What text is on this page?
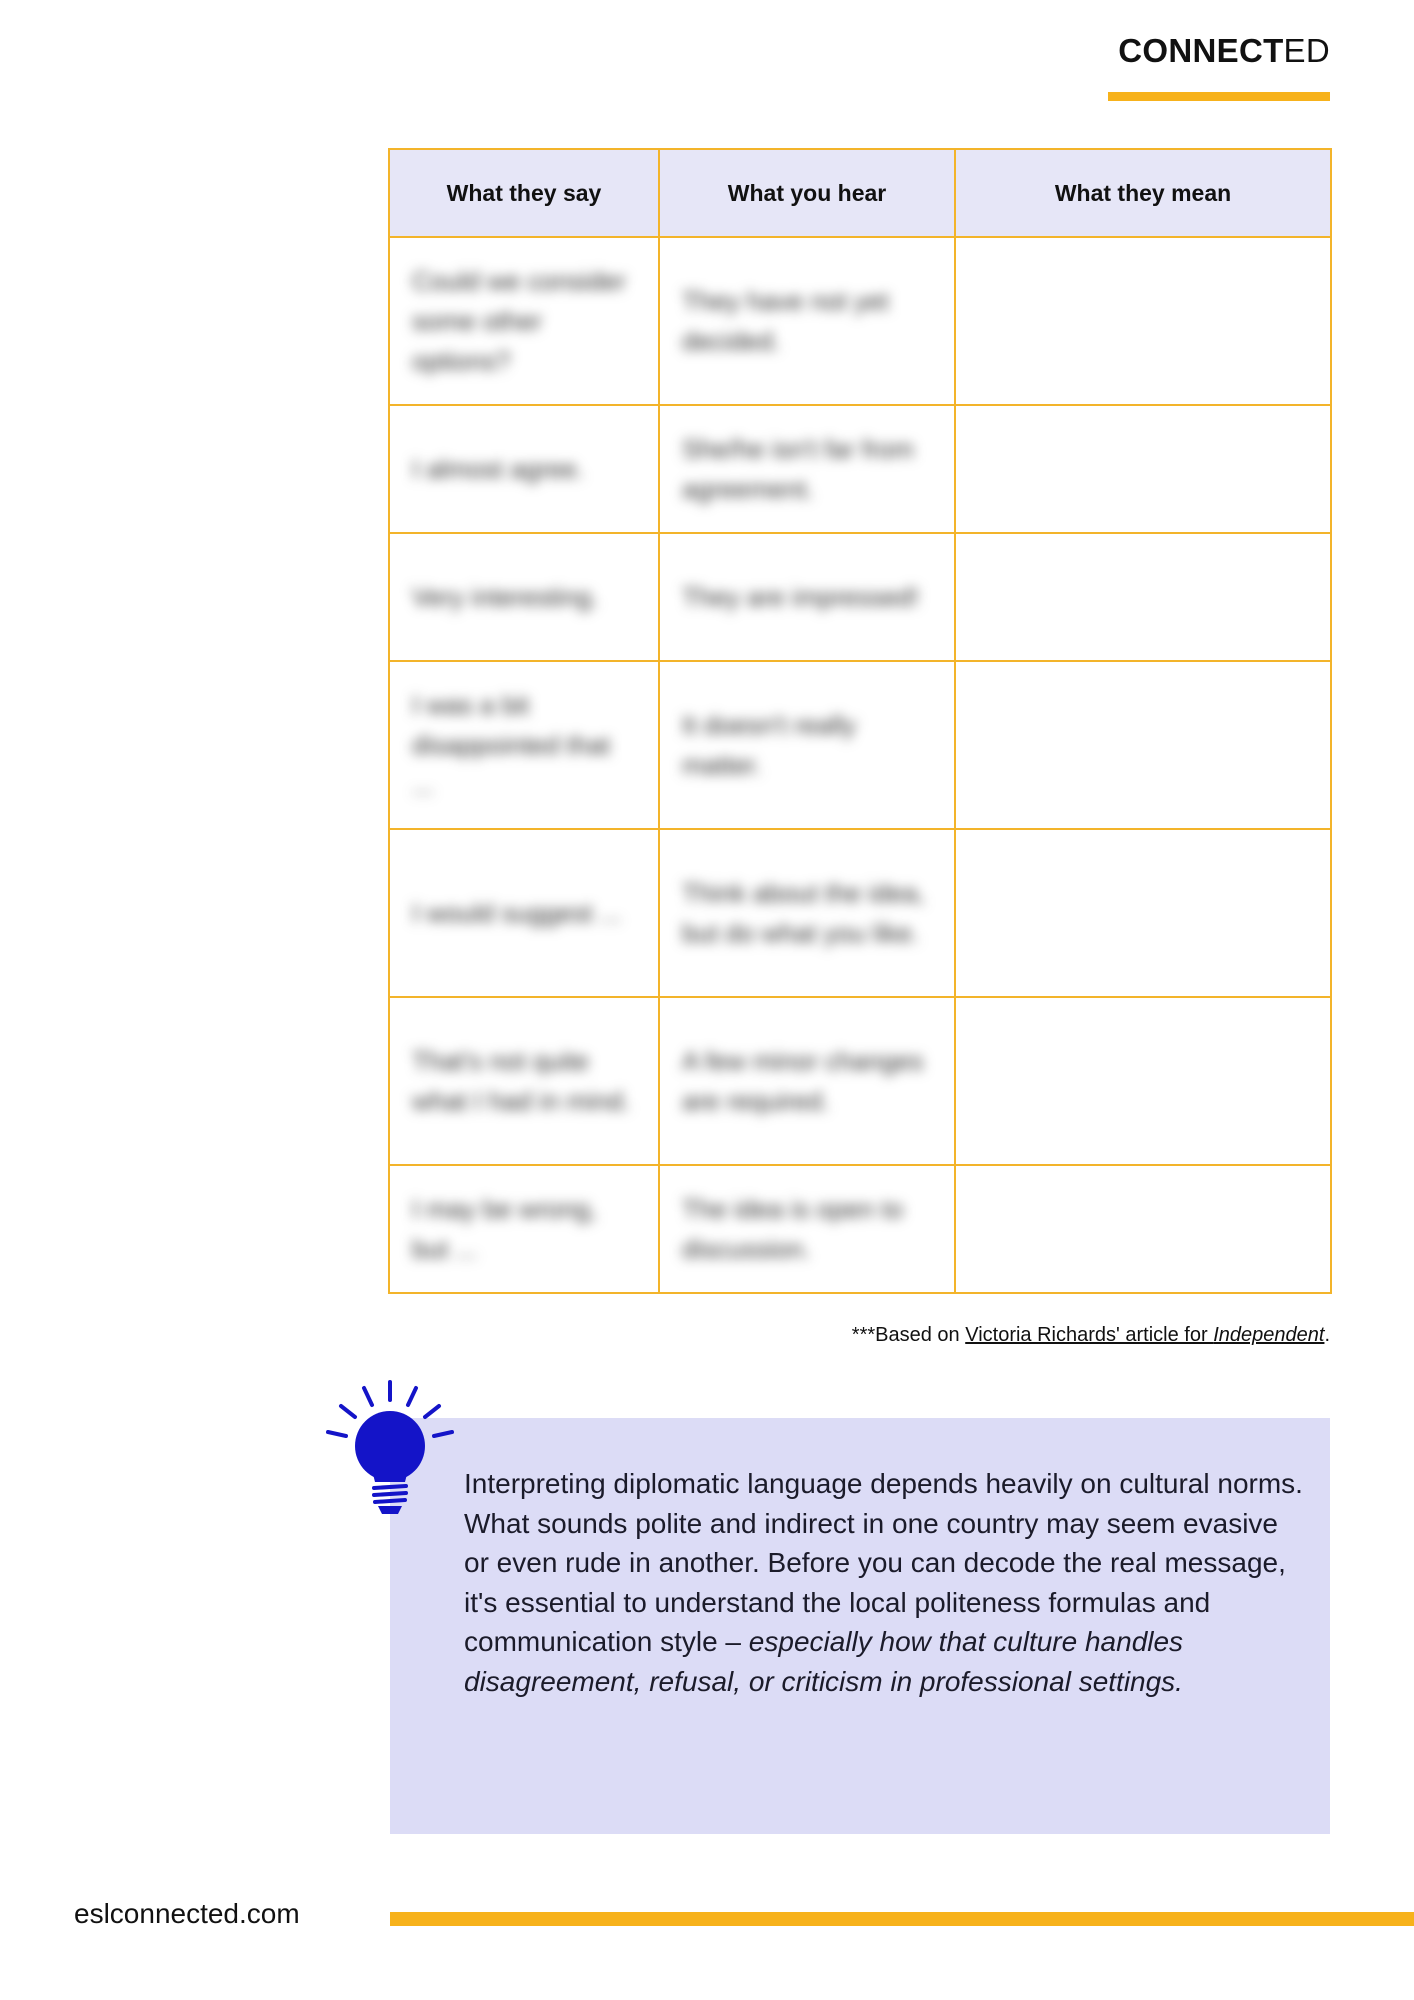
CONNECTED
What they say	What you hear	What they mean

Could we consider some other options?	They have not yet decided.	

I almost agree.	She/he isn't far from agreement.	

Very interesting.	They are impressed!	

I was a bit disappointed that ...	It doesn't really matter.	

I would suggest ...	Think about the idea, but do what you like.	

That's not quite what I had in mind.	A few minor changes are required.	

I may be wrong, but ...	The idea is open to discussion.	

***Based on Victoria Richards' article for Independent.
Interpreting diplomatic language depends heavily on cultural norms. What sounds polite and indirect in one country may seem evasive or even rude in another. Before you can decode the real message, it's essential to understand the local politeness formulas and communication style – especially how that culture handles disagreement, refusal, or criticism in professional settings.
eslconnected.com
